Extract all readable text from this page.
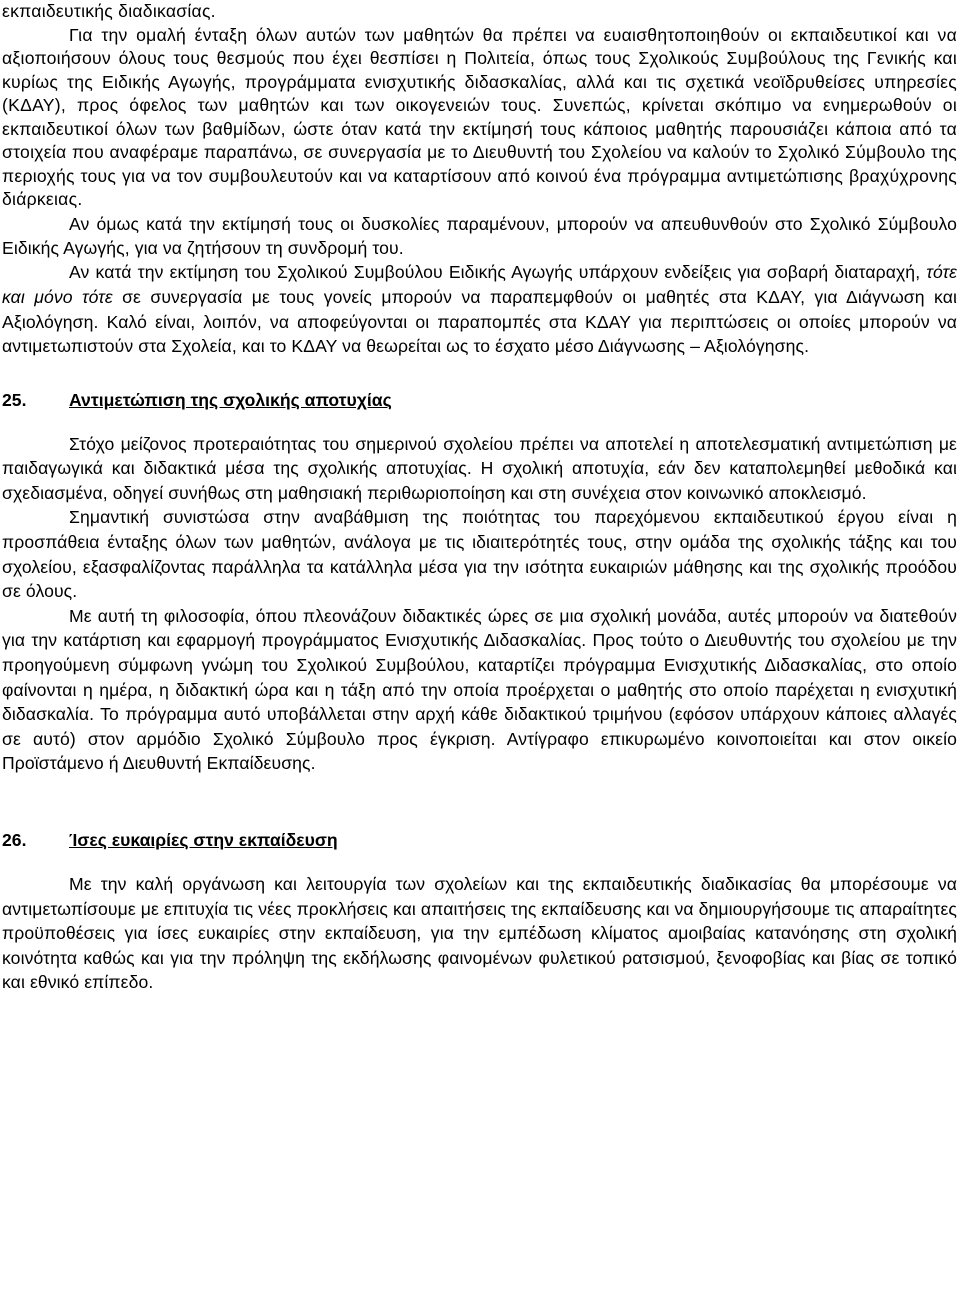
εκπαιδευτικής διαδικασίας.

Για την ομαλή ένταξη όλων αυτών των μαθητών θα πρέπει να ευαισθητοποιηθούν οι εκπαιδευτικοί και να αξιοποιήσουν όλους τους θεσμούς που έχει θεσπίσει η Πολιτεία, όπως τους Σχολικούς Συμβούλους της Γενικής και κυρίως της Ειδικής Αγωγής, προγράμματα ενισχυτικής διδασκαλίας, αλλά και τις σχετικά νεοϊδρυθείσες υπηρεσίες (ΚΔΑΥ), προς όφελος των μαθητών και των οικογενειών τους. Συνεπώς, κρίνεται σκόπιμο να ενημερωθούν οι εκπαιδευτικοί όλων των βαθμίδων, ώστε όταν κατά την εκτίμησή τους κάποιος μαθητής παρουσιάζει κάποια από τα στοιχεία που αναφέραμε παραπάνω, σε συνεργασία με το Διευθυντή του Σχολείου να καλούν το Σχολικό Σύμβουλο της περιοχής τους για να τον συμβουλευτούν και να καταρτίσουν από κοινού ένα πρόγραμμα αντιμετώπισης βραχύχρονης διάρκειας.

Αν όμως κατά την εκτίμησή τους οι δυσκολίες παραμένουν, μπορούν να απευθυνθούν στο Σχολικό Σύμβουλο Ειδικής Αγωγής, για να ζητήσουν τη συνδρομή του.

Αν κατά την εκτίμηση του Σχολικού Συμβούλου Ειδικής Αγωγής υπάρχουν ενδείξεις για σοβαρή διαταραχή, τότε και μόνο τότε σε συνεργασία με τους γονείς μπορούν να παραπεμφθούν οι μαθητές στα ΚΔΑΥ, για Διάγνωση και Αξιολόγηση. Καλό είναι, λοιπόν, να αποφεύγονται οι παραπομπές στα ΚΔΑΥ για περιπτώσεις οι οποίες μπορούν να αντιμετωπιστούν στα Σχολεία, και το ΚΔΑΥ να θεωρείται ως το έσχατο μέσο Διάγνωσης – Αξιολόγησης.

25.	Αντιμετώπιση της σχολικής αποτυχίας

Στόχο μείζονος προτεραιότητας του σημερινού σχολείου πρέπει να αποτελεί η αποτελεσματική αντιμετώπιση με παιδαγωγικά και διδακτικά μέσα της σχολικής αποτυχίας. Η σχολική αποτυχία, εάν δεν καταπολεμηθεί μεθοδικά και σχεδιασμένα, οδηγεί συνήθως στη μαθησιακή περιθωριοποίηση και στη συνέχεια στον κοινωνικό αποκλεισμό.

Σημαντική συνιστώσα στην αναβάθμιση της ποιότητας του παρεχόμενου εκπαιδευτικού έργου είναι η προσπάθεια ένταξης όλων των μαθητών, ανάλογα με τις ιδιαιτερότητές τους, στην ομάδα της σχολικής τάξης και του σχολείου, εξασφαλίζοντας παράλληλα τα κατάλληλα μέσα για την ισότητα ευκαιριών μάθησης και της σχολικής προόδου σε όλους.

Με αυτή τη φιλοσοφία, όπου πλεονάζουν διδακτικές ώρες σε μια σχολική μονάδα, αυτές μπορούν να διατεθούν για την κατάρτιση και εφαρμογή προγράμματος Ενισχυτικής Διδασκαλίας. Προς τούτο ο Διευθυντής του σχολείου με την προηγούμενη σύμφωνη γνώμη του Σχολικού Συμβούλου, καταρτίζει πρόγραμμα Ενισχυτικής Διδασκαλίας, στο οποίο φαίνονται η ημέρα, η διδακτική ώρα και η τάξη από την οποία προέρχεται ο μαθητής στο οποίο παρέχεται η ενισχυτική διδασκαλία. Το πρόγραμμα αυτό υποβάλλεται στην αρχή κάθε διδακτικού τριμήνου (εφόσον υπάρχουν κάποιες αλλαγές σε αυτό) στον αρμόδιο Σχολικό Σύμβουλο προς έγκριση. Αντίγραφο επικυρωμένο κοινοποιείται και στον οικείο Προϊστάμενο ή Διευθυντή Εκπαίδευσης.

26.	Ίσες ευκαιρίες στην εκπαίδευση

Με την καλή οργάνωση και λειτουργία των σχολείων και της εκπαιδευτικής διαδικασίας θα μπορέσουμε να αντιμετωπίσουμε με επιτυχία τις νέες προκλήσεις και απαιτήσεις της εκπαίδευσης και να δημιουργήσουμε τις απαραίτητες προϋποθέσεις για ίσες ευκαιρίες στην εκπαίδευση, για την εμπέδωση κλίματος αμοιβαίας κατανόησης στη σχολική κοινότητα καθώς και για την πρόληψη της εκδήλωσης φαινομένων φυλετικού ρατσισμού, ξενοφοβίας και βίας σε τοπικό και εθνικό επίπεδο.
